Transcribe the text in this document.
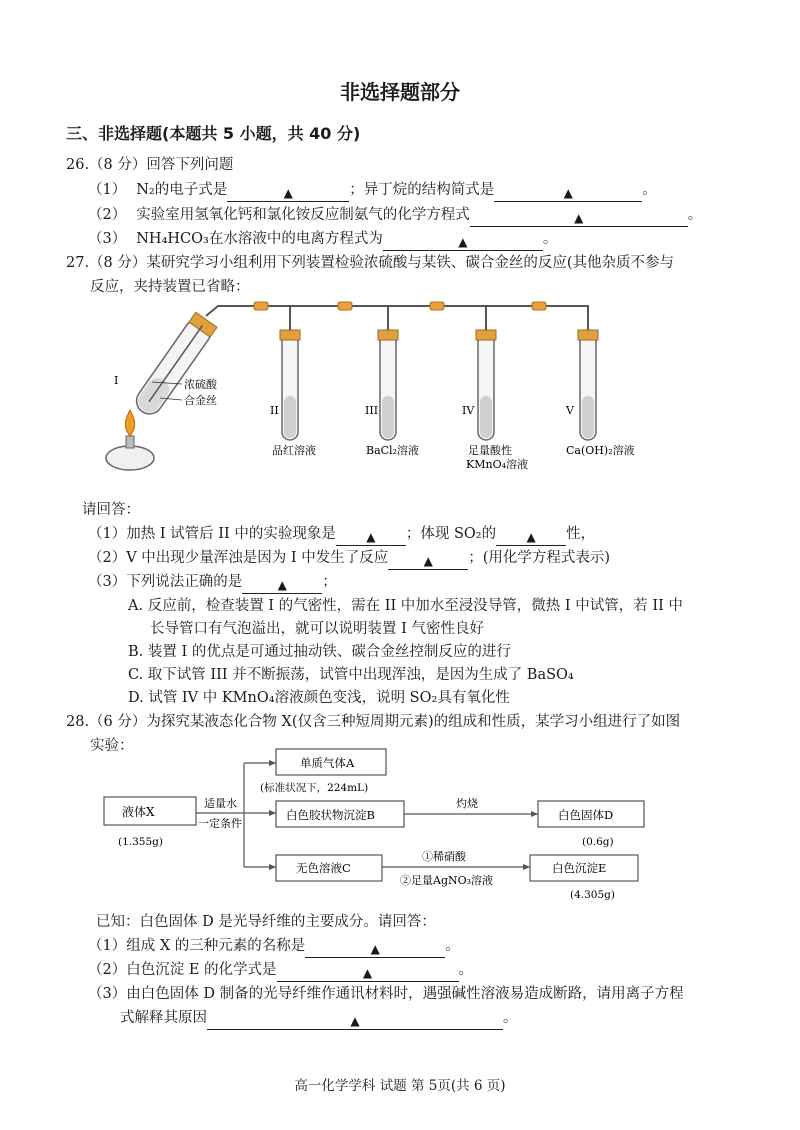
非选择题部分
三、非选择题(本题共 5 小题，共 40 分)
26.（8 分）回答下列问题
（1） N₂的电子式是	▲	；异丁烷的结构简式是	▲	。
（2） 实验室用氢氧化钙和氯化铵反应制氨气的化学方程式	▲	。
（3） NH₄HCO₃在水溶液中的电离方程式为	▲	。
27.（8 分）某研究学习小组利用下列装置检验浓硫酸与某铁、碳合金丝的反应(其他杂质不参与
反应，夹持装置已省略：
I	浓硫酸
合金丝
II	III	IV	V
品红溶液	BaCl₂溶液	足量酸性
KMnO₄溶液
Ca(OH)₂溶液
请回答：
（1）加热 I 试管后 II 中的实验现象是	▲ ；体现 SO₂的	▲ 性，
（2）V 中出现少量浑浊是因为 I 中发生了反应	▲ ；(用化学方程式表示)
（3）下列说法正确的是	▲ ；
A. 反应前，检查装置 I 的气密性，需在 II 中加水至浸没导管，微热 I 中试管，若 II 中
长导管口有气泡溢出，就可以说明装置 I 气密性良好
B. 装置 I 的优点是可通过抽动铁、碳合金丝控制反应的进行
C. 取下试管 III 并不断振荡，试管中出现浑浊，是因为生成了 BaSO₄
D. 试管 IV 中 KMnO₄溶液颜色变浅，说明 SO₂具有氧化性
28.（6 分）为探究某液态化合物 X(仅含三种短周期元素)的组成和性质，某学习小组进行了如图
实验：
液体X
(1.355g)
适量水
一定条件
单质气体A
(标准状况下，224mL)
白色胶状物沉淀B
灼烧
白色固体D
(0.6g)
无色溶液C
①稀硝酸
②足量AgNO₃溶液
白色沉淀E
(4.305g)
已知：白色固体 D 是光导纤维的主要成分。请回答：
（1）组成 X 的三种元素的名称是	▲	。
（2）白色沉淀 E 的化学式是	▲	。
（3）由白色固体 D 制备的光导纤维作通讯材料时，遇强碱性溶液易造成断路，请用离子方程
式解释其原因	▲	。
高一化学学科 试题 第 5页(共 6 页)
